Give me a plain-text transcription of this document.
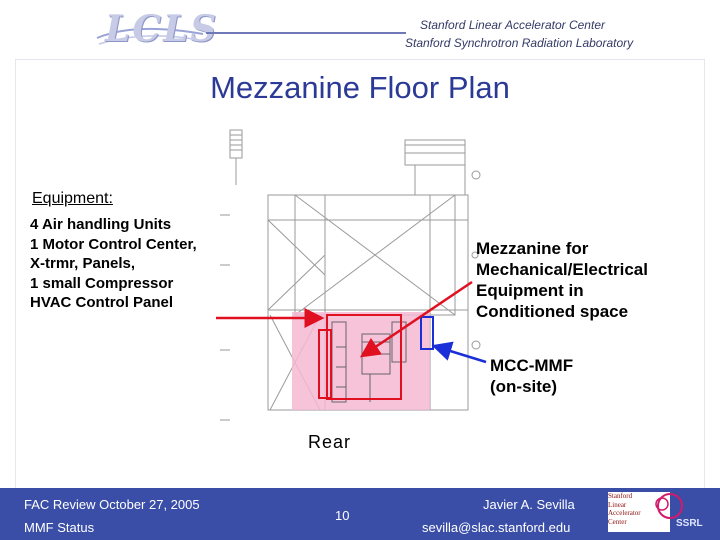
LCLS	Stanford Linear Accelerator Center
Stanford Synchrotron Radiation Laboratory
Mezzanine Floor Plan
Equipment:
4 Air handling Units
1 Motor Control Center,
X-trmr, Panels,
1 small Compressor
HVAC Control Panel
Mezzanine for
Mechanical/Electrical
Equipment in
Conditioned space
MCC-MMF
(on-site)
Rear
FAC Review October 27, 2005
MMF Status
10
Javier A. Sevilla
sevilla@slac.stanford.edu
Stanford
Linear
Accelerator
Center	SSRL
